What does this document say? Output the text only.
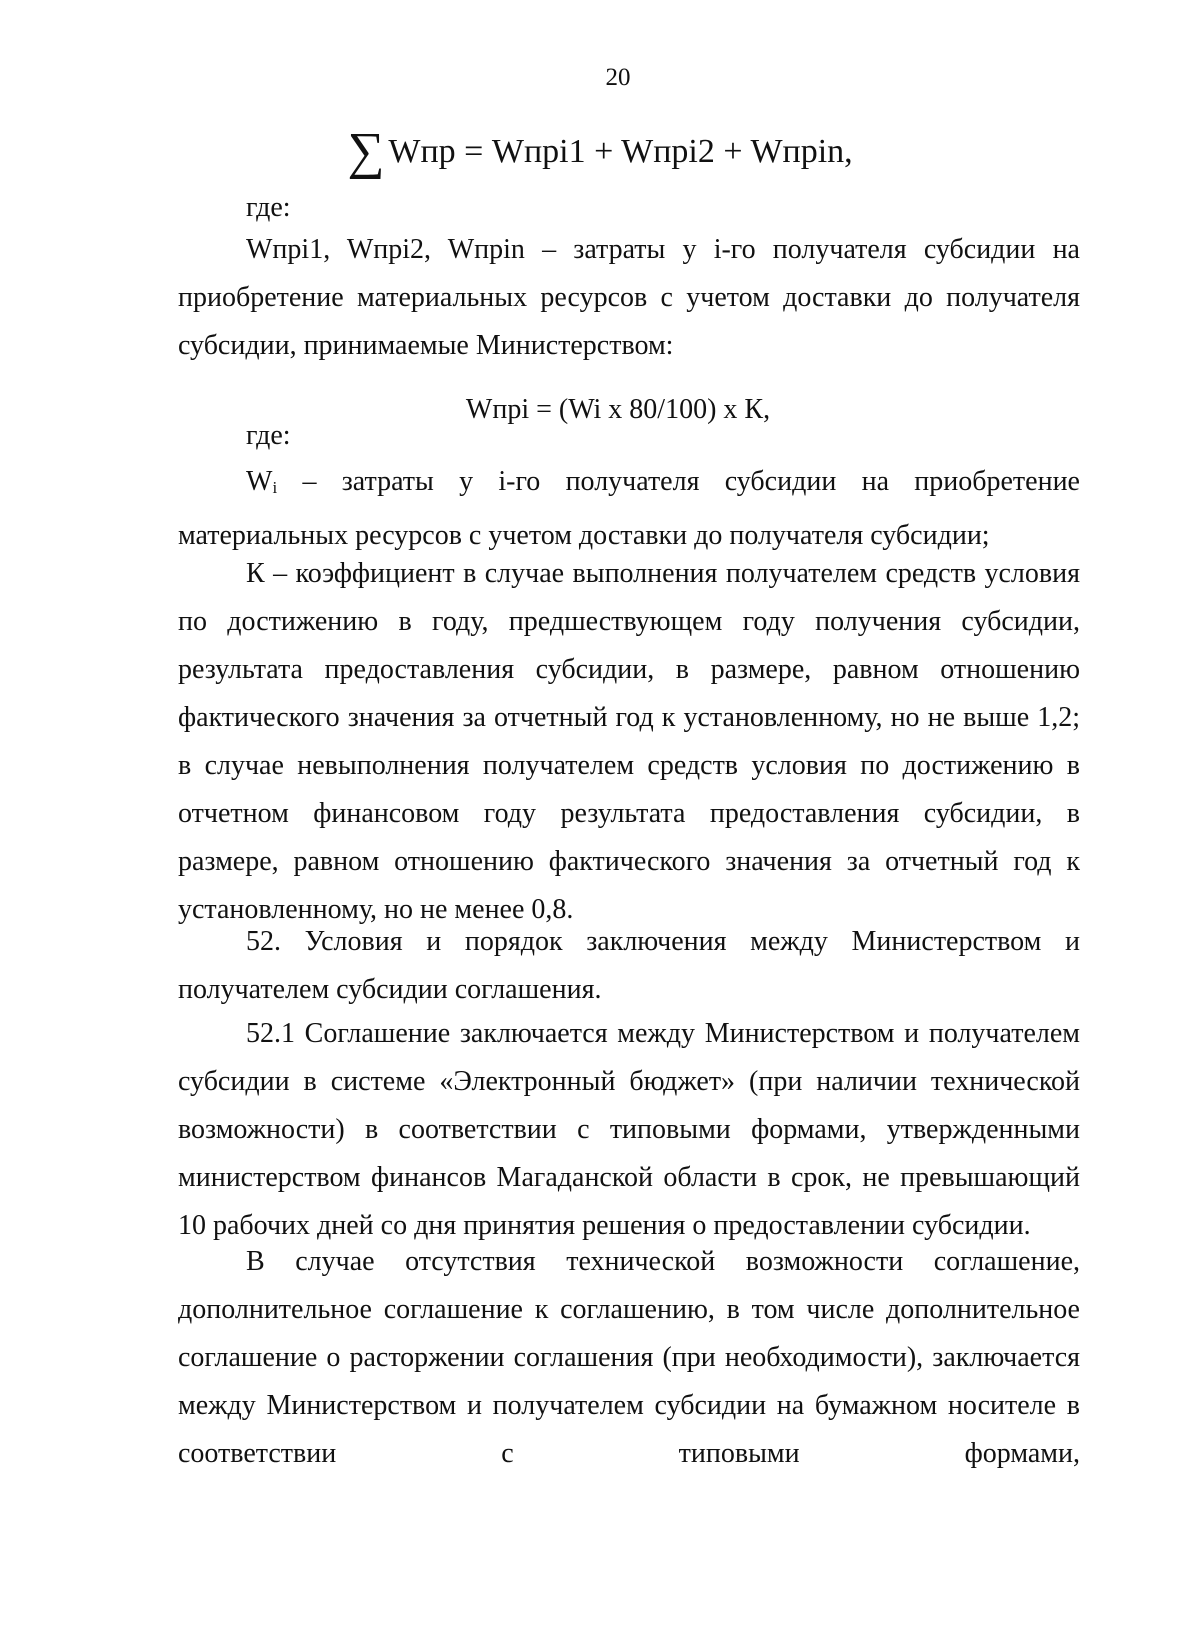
20
∑ Wпр = Wпрi1 + Wпрi2 + Wпрin,

где:

Wпрi1, Wпрi2, Wпрin – затраты у i-го получателя субсидии на приобретение материальных ресурсов с учетом доставки до получателя субсидии, принимаемые Министерством:

Wпрi = (Wi x 80/100) x К,

где:

$W_i$ – затраты у i-го получателя субсидии на приобретение материальных ресурсов с учетом доставки до получателя субсидии;

К – коэффициент в случае выполнения получателем средств условия по достижению в году, предшествующем году получения субсидии, результата предоставления субсидии, в размере, равном отношению фактического значения за отчетный год к установленному, но не выше 1,2; в случае невыполнения получателем средств условия по достижению в отчетном финансовом году результата предоставления субсидии, в размере, равном отношению фактического значения за отчетный год к установленному, но не менее 0,8.

52. Условия и порядок заключения между Министерством и получателем субсидии соглашения.

52.1 Соглашение заключается между Министерством и получателем субсидии в системе «Электронный бюджет» (при наличии технической возможности) в соответствии с типовыми формами, утвержденными министерством финансов Магаданской области в срок, не превышающий 10 рабочих дней со дня принятия решения о предоставлении субсидии.

В случае отсутствия технической возможности соглашение, дополнительное соглашение к соглашению, в том числе дополнительное соглашение о расторжении соглашения (при необходимости), заключается между Министерством и получателем субсидии на бумажном носителе в соответствии с типовыми формами,
